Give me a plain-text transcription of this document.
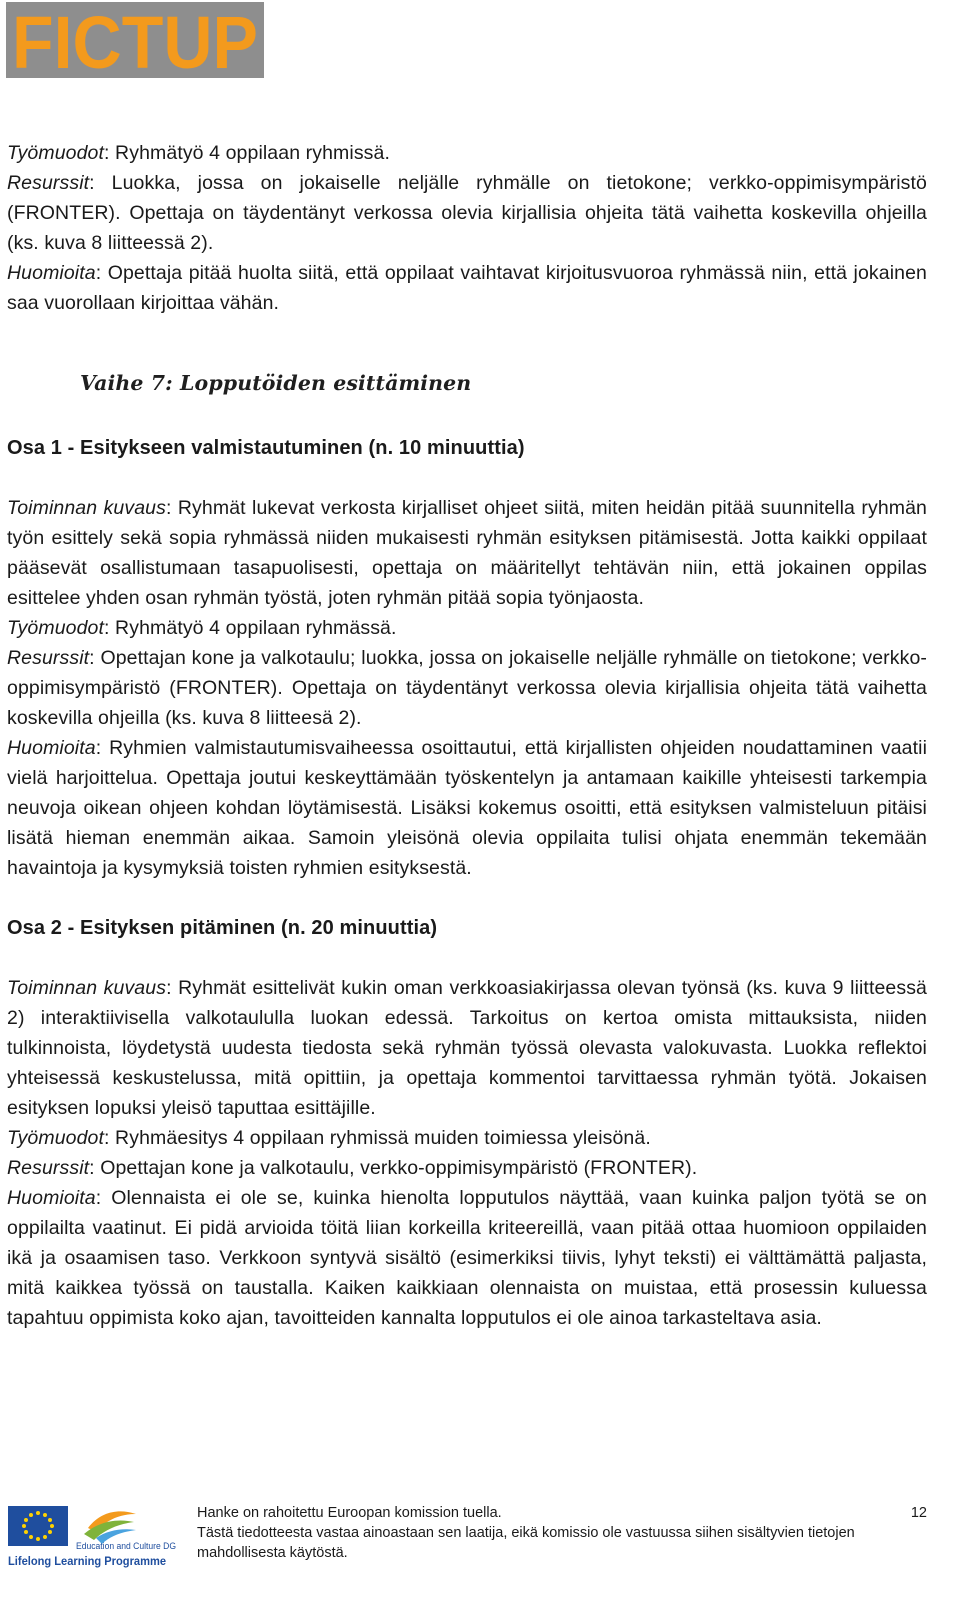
FICTUP

Työmuodot: Ryhmätyö 4 oppilaan ryhmissä.

Resurssit: Luokka, jossa on jokaiselle neljälle ryhmälle on tietokone; verkko-oppimisympäristö (FRONTER). Opettaja on täydentänyt verkossa olevia kirjallisia ohjeita tätä vaihetta koskevilla ohjeilla (ks. kuva 8 liitteessä 2).

Huomioita: Opettaja pitää huolta siitä, että oppilaat vaihtavat kirjoitusvuoroa ryhmässä niin, että jokainen saa vuorollaan kirjoittaa vähän.

Vaihe 7: Lopputöiden esittäminen
Osa 1 - Esitykseen valmistautuminen (n. 10 minuuttia)

Toiminnan kuvaus: Ryhmät lukevat verkosta kirjalliset ohjeet siitä, miten heidän pitää suunnitella ryhmän työn esittely sekä sopia ryhmässä niiden mukaisesti ryhmän esityksen pitämisestä. Jotta kaikki oppilaat pääsevät osallistumaan tasapuolisesti, opettaja on määritellyt tehtävän niin, että jokainen oppilas esittelee yhden osan ryhmän työstä, joten ryhmän pitää sopia työnjaosta.

Työmuodot: Ryhmätyö 4 oppilaan ryhmässä.

Resurssit: Opettajan kone ja valkotaulu; luokka, jossa on jokaiselle neljälle ryhmälle on tietokone; verkko-oppimisympäristö (FRONTER). Opettaja on täydentänyt verkossa olevia kirjallisia ohjeita tätä vaihetta koskevilla ohjeilla (ks. kuva 8 liitteesä 2).

Huomioita: Ryhmien valmistautumisvaiheessa osoittautui, että kirjallisten ohjeiden noudattaminen vaatii vielä harjoittelua. Opettaja joutui keskeyttämään työskentelyn ja antamaan kaikille yhteisesti tarkempia neuvoja oikean ohjeen kohdan löytämisestä. Lisäksi kokemus osoitti, että esityksen valmisteluun pitäisi lisätä hieman enemmän aikaa. Samoin yleisönä olevia oppilaita tulisi ohjata enemmän tekemään havaintoja ja kysymyksiä toisten ryhmien esityksestä.

Osa 2 - Esityksen pitäminen (n. 20 minuuttia)

Toiminnan kuvaus: Ryhmät esittelivät kukin oman verkkoasiakirjassa olevan työnsä (ks. kuva 9 liitteessä 2) interaktiivisella valkotaululla luokan edessä. Tarkoitus on kertoa omista mittauksista, niiden tulkinnoista, löydetystä uudesta tiedosta sekä ryhmän työssä olevasta valokuvasta. Luokka reflektoi yhteisessä keskustelussa, mitä opittiin, ja opettaja kommentoi tarvittaessa ryhmän työtä. Jokaisen esityksen lopuksi yleisö taputtaa esittäjille.

Työmuodot: Ryhmäesitys 4 oppilaan ryhmissä muiden toimiessa yleisönä.

Resurssit: Opettajan kone ja valkotaulu, verkko-oppimisympäristö (FRONTER).

Huomioita: Olennaista ei ole se, kuinka hienolta lopputulos näyttää, vaan kuinka paljon työtä se on oppilailta vaatinut. Ei pidä arvioida töitä liian korkeilla kriteereillä, vaan pitää ottaa huomioon oppilaiden ikä ja osaamisen taso. Verkkoon syntyvä sisältö (esimerkiksi tiivis, lyhyt teksti) ei välttämättä paljasta, mitä kaikkea työssä on taustalla. Kaiken kaikkiaan olennaista on muistaa, että prosessin kuluessa tapahtuu oppimista koko ajan, tavoitteiden kannalta lopputulos ei ole ainoa tarkasteltava asia.

Education and Culture DG
Lifelong Learning Programme
Hanke on rahoitettu Euroopan komission tuella.
Tästä tiedotteesta vastaa ainoastaan sen laatija, eikä komissio ole vastuussa siihen sisältyvien tietojen mahdollisesta käytöstä.
12
